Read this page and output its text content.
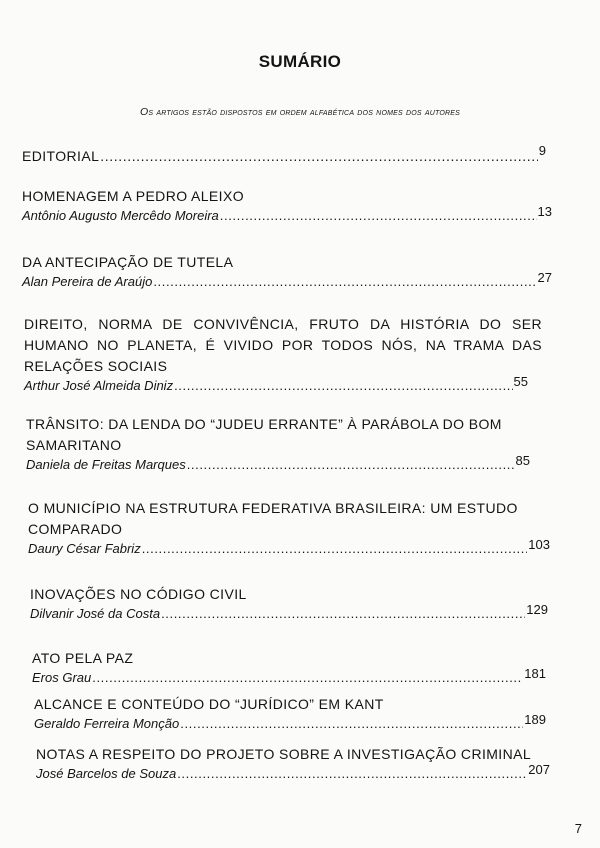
SUMÁRIO
Os artigos estão dispostos em ordem alfabética dos nomes dos autores
EDITORIAL .....	9
HOMENAGEM A PEDRO ALEIXO
Antônio Augusto Mercêdo Moreira .....	13
DA ANTECIPAÇÃO DE TUTELA
Alan Pereira de Araújo .....	27
DIREITO, NORMA DE CONVIVÊNCIA, FRUTO DA HISTÓRIA DO SER HUMANO NO PLANETA, É VIVIDO POR TODOS NÓS, NA TRAMA DAS RELAÇÕES SOCIAIS
Arthur José Almeida Diniz .....	55
TRÂNSITO: DA LENDA DO “JUDEU ERRANTE” À PARÁBOLA DO BOM SAMARITANO
Daniela de Freitas Marques .....	85
O MUNICÍPIO NA ESTRUTURA FEDERATIVA BRASILEIRA: UM ESTUDO COMPARADO
Daury César Fabriz .....	103
INOVAÇÕES NO CÓDIGO CIVIL
Dilvanir José da Costa .....	129
ATO PELA PAZ
Eros Grau .....	181
ALCANCE E CONTEÚDO DO “JURÍDICO” EM KANT
Geraldo Ferreira Monção .....	189
NOTAS A RESPEITO DO PROJETO SOBRE A INVESTIGAÇÃO CRIMINAL
José Barcelos de Souza .....	207
7
